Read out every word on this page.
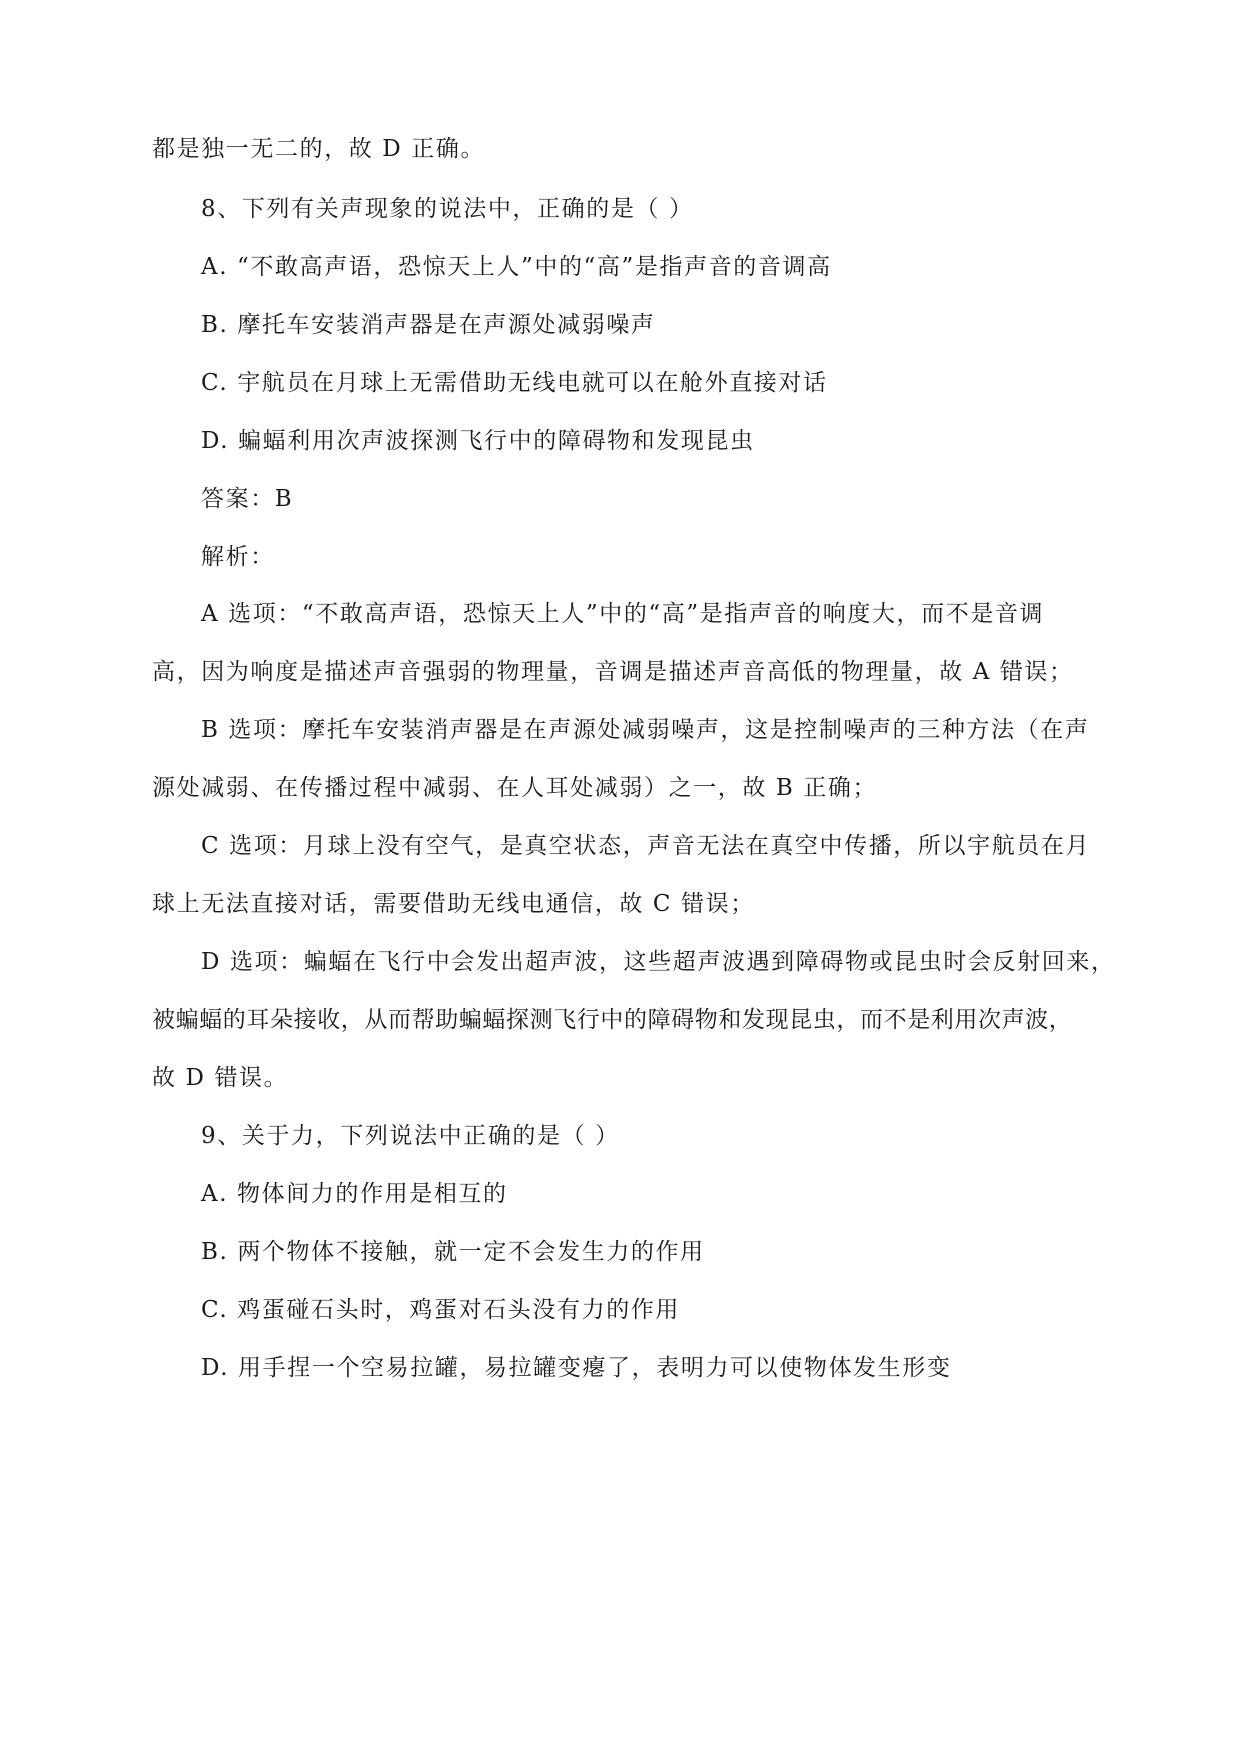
都是独一无二的，故 D 正确。
8、下列有关声现象的说法中，正确的是（ ）
A. “不敢高声语，恐惊天上人”中的“高”是指声音的音调高
B. 摩托车安装消声器是在声源处减弱噪声
C. 宇航员在月球上无需借助无线电就可以在舱外直接对话
D. 蝙蝠利用次声波探测飞行中的障碍物和发现昆虫
答案：B
解析：
A 选项：“不敢高声语，恐惊天上人”中的“高”是指声音的响度大，而不是音调
高，因为响度是描述声音强弱的物理量，音调是描述声音高低的物理量，故 A 错误；
B 选项：摩托车安装消声器是在声源处减弱噪声，这是控制噪声的三种方法（在声
源处减弱、在传播过程中减弱、在人耳处减弱）之一，故 B 正确；
C 选项：月球上没有空气，是真空状态，声音无法在真空中传播，所以宇航员在月
球上无法直接对话，需要借助无线电通信，故 C 错误；
D 选项：蝙蝠在飞行中会发出超声波，这些超声波遇到障碍物或昆虫时会反射回来，
被蝙蝠的耳朵接收，从而帮助蝙蝠探测飞行中的障碍物和发现昆虫，而不是利用次声波，
故 D 错误。
9、关于力，下列说法中正确的是（ ）
A. 物体间力的作用是相互的
B. 两个物体不接触，就一定不会发生力的作用
C. 鸡蛋碰石头时，鸡蛋对石头没有力的作用
D. 用手捏一个空易拉罐，易拉罐变瘪了，表明力可以使物体发生形变
